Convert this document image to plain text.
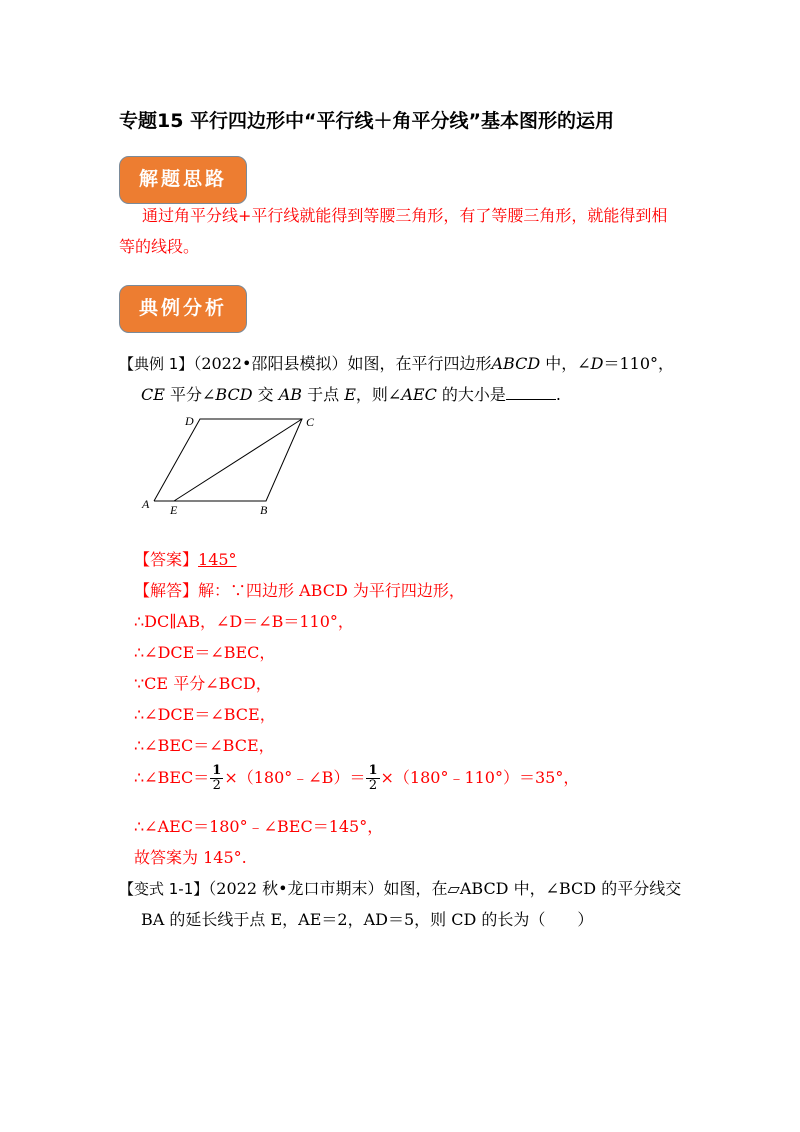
专题15 平行四边形中“平行线＋角平分线”基本图形的运用
解题思路
通过角平分线+平行线就能得到等腰三角形，有了等腰三角形，就能得到相
等的线段。
典例分析
【典例 1】（2022•邵阳县模拟）如图，在平行四边形ABCD 中，∠D＝110°，
CE 平分∠BCD 交 AB 于点 E，则∠AEC 的大小是	.
D	C
A E	B
【答案】145°
【解答】解：∵四边形 ABCD 为平行四边形，
∴DC∥AB，∠D＝∠B＝110°，
∴∠DCE＝∠BEC，
∵CE 平分∠BCD，
∴∠DCE＝∠BCE，
∴∠BEC＝∠BCE，
∴∠BEC＝ $\frac{1}{2}$ ×（180°﹣∠B）＝ $\frac{1}{2}$ ×（180°﹣110°）＝35°，
∴∠AEC＝180°﹣∠BEC＝145°，
故答案为 145°.
【变式 1-1】（2022 秋•龙口市期末）如图，在▱ABCD 中，∠BCD 的平分线交
BA 的延长线于点 E，AE＝2，AD＝5，则 CD 的长为（　　）
